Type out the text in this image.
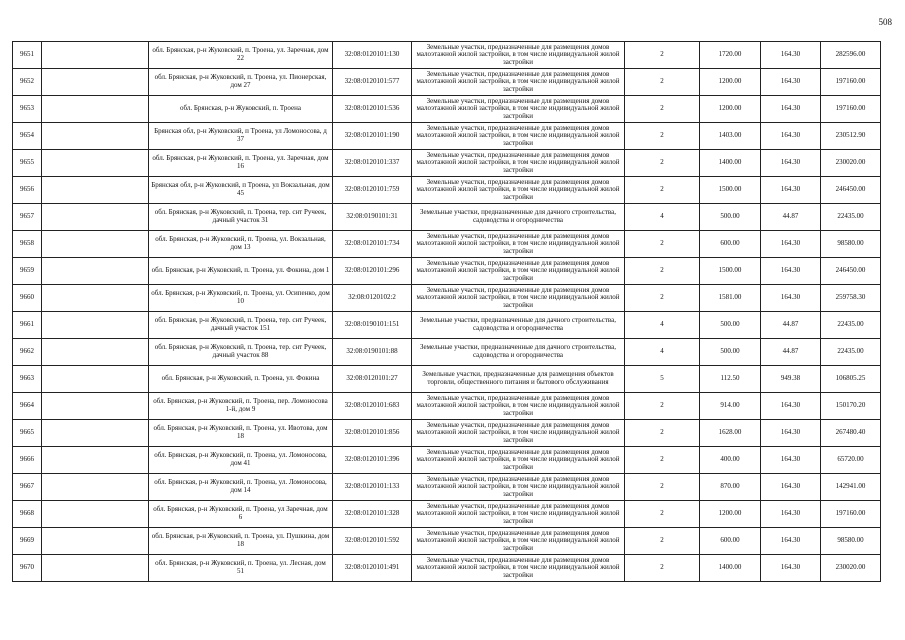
508
9651		обл. Брянская, р-н Жуковский, п. Троена, ул. Заречная, дом 22	32:08:0120101:130	Земельные участки, предназначенные для размещения домов малоэтажной жилой застройки, в том числе индивидуальной жилой застройки	2	1720.00	164.30	282596.00
9652		обл. Брянская, р-н Жуковский, п. Троена, ул. Пионерская, дом 27	32:08:0120101:577	Земельные участки, предназначенные для размещения домов малоэтажной жилой застройки, в том числе индивидуальной жилой застройки	2	1200.00	164.30	197160.00
9653		обл. Брянская, р-н Жуковский, п. Троена	32:08:0120101:536	Земельные участки, предназначенные для размещения домов малоэтажной жилой застройки, в том числе индивидуальной жилой застройки	2	1200.00	164.30	197160.00
9654		Брянская обл, р-н Жуковский, п Троена, ул Ломоносова, д 37	32:08:0120101:190	Земельные участки, предназначенные для размещения домов малоэтажной жилой застройки, в том числе индивидуальной жилой застройки	2	1403.00	164.30	230512.90
9655		обл. Брянская, р-н Жуковский, п. Троена, ул. Заречная, дом 16	32:08:0120101:337	Земельные участки, предназначенные для размещения домов малоэтажной жилой застройки, в том числе индивидуальной жилой застройки	2	1400.00	164.30	230020.00
9656		Брянская обл, р-н Жуковский, п Троена, ул Вокзальная, дом 45	32:08:0120101:759	Земельные участки, предназначенные для размещения домов малоэтажной жилой застройки, в том числе индивидуальной жилой застройки	2	1500.00	164.30	246450.00
9657		обл. Брянская, р-н Жуковский, п. Троена, тер. снт Ручеек, дачный участок 31	32:08:0190101:31	Земельные участки, предназначенные для дачного строительства, садоводства и огородничества	4	500.00	44.87	22435.00
9658		обл. Брянская, р-н Жуковский, п. Троена, ул. Вокзальная, дом 13	32:08:0120101:734	Земельные участки, предназначенные для размещения домов малоэтажной жилой застройки, в том числе индивидуальной жилой застройки	2	600.00	164.30	98580.00
9659		обл. Брянская, р-н Жуковский, п. Троена, ул. Фокина, дом 1	32:08:0120101:296	Земельные участки, предназначенные для размещения домов малоэтажной жилой застройки, в том числе индивидуальной жилой застройки	2	1500.00	164.30	246450.00
9660		обл. Брянская, р-н Жуковский, п. Троена, ул. Осипенко, дом 10	32:08:0120102:2	Земельные участки, предназначенные для размещения домов малоэтажной жилой застройки, в том числе индивидуальной жилой застройки	2	1581.00	164.30	259758.30
9661		обл. Брянская, р-н Жуковский, п. Троена, тер. снт Ручеек, дачный участок 151	32:08:0190101:151	Земельные участки, предназначенные для дачного строительства, садоводства и огородничества	4	500.00	44.87	22435.00
9662		обл. Брянская, р-н Жуковский, п. Троена, тер. снт Ручеек, дачный участок 88	32:08:0190101:88	Земельные участки, предназначенные для дачного строительства, садоводства и огородничества	4	500.00	44.87	22435.00
9663		обл. Брянская, р-н Жуковский, п. Троена, ул. Фокина	32:08:0120101:27	Земельные участки, предназначенные для размещения объектов торговли, общественного питания и бытового обслуживания	5	112.50	949.38	106805.25
9664		обл. Брянская, р-н Жуковский, п. Троена, пер. Ломоносова 1-й, дом 9	32:08:0120101:683	Земельные участки, предназначенные для размещения домов малоэтажной жилой застройки, в том числе индивидуальной жилой застройки	2	914.00	164.30	150170.20
9665		обл. Брянская, р-н Жуковский, п. Троена, ул. Ивотова, дом 18	32:08:0120101:856	Земельные участки, предназначенные для размещения домов малоэтажной жилой застройки, в том числе индивидуальной жилой застройки	2	1628.00	164.30	267480.40
9666		обл. Брянская, р-н Жуковский, п. Троена, ул. Ломоносова, дом 41	32:08:0120101:396	Земельные участки, предназначенные для размещения домов малоэтажной жилой застройки, в том числе индивидуальной жилой застройки	2	400.00	164.30	65720.00
9667		обл. Брянская, р-н Жуковский, п. Троена, ул. Ломоносова, дом 14	32:08:0120101:133	Земельные участки, предназначенные для размещения домов малоэтажной жилой застройки, в том числе индивидуальной жилой застройки	2	870.00	164.30	142941.00
9668		обл. Брянская, р-н Жуковский, п. Троена, ул Заречная, дом 6	32:08:0120101:328	Земельные участки, предназначенные для размещения домов малоэтажной жилой застройки, в том числе индивидуальной жилой застройки	2	1200.00	164.30	197160.00
9669		обл. Брянская, р-н Жуковский, п. Троена, ул. Пушкина, дом 18	32:08:0120101:592	Земельные участки, предназначенные для размещения домов малоэтажной жилой застройки, в том числе индивидуальной жилой застройки	2	600.00	164.30	98580.00
9670		обл. Брянская, р-н Жуковский, п. Троена, ул. Лесная, дом 51	32:08:0120101:491	Земельные участки, предназначенные для размещения домов малоэтажной жилой застройки, в том числе индивидуальной жилой застройки	2	1400.00	164.30	230020.00
